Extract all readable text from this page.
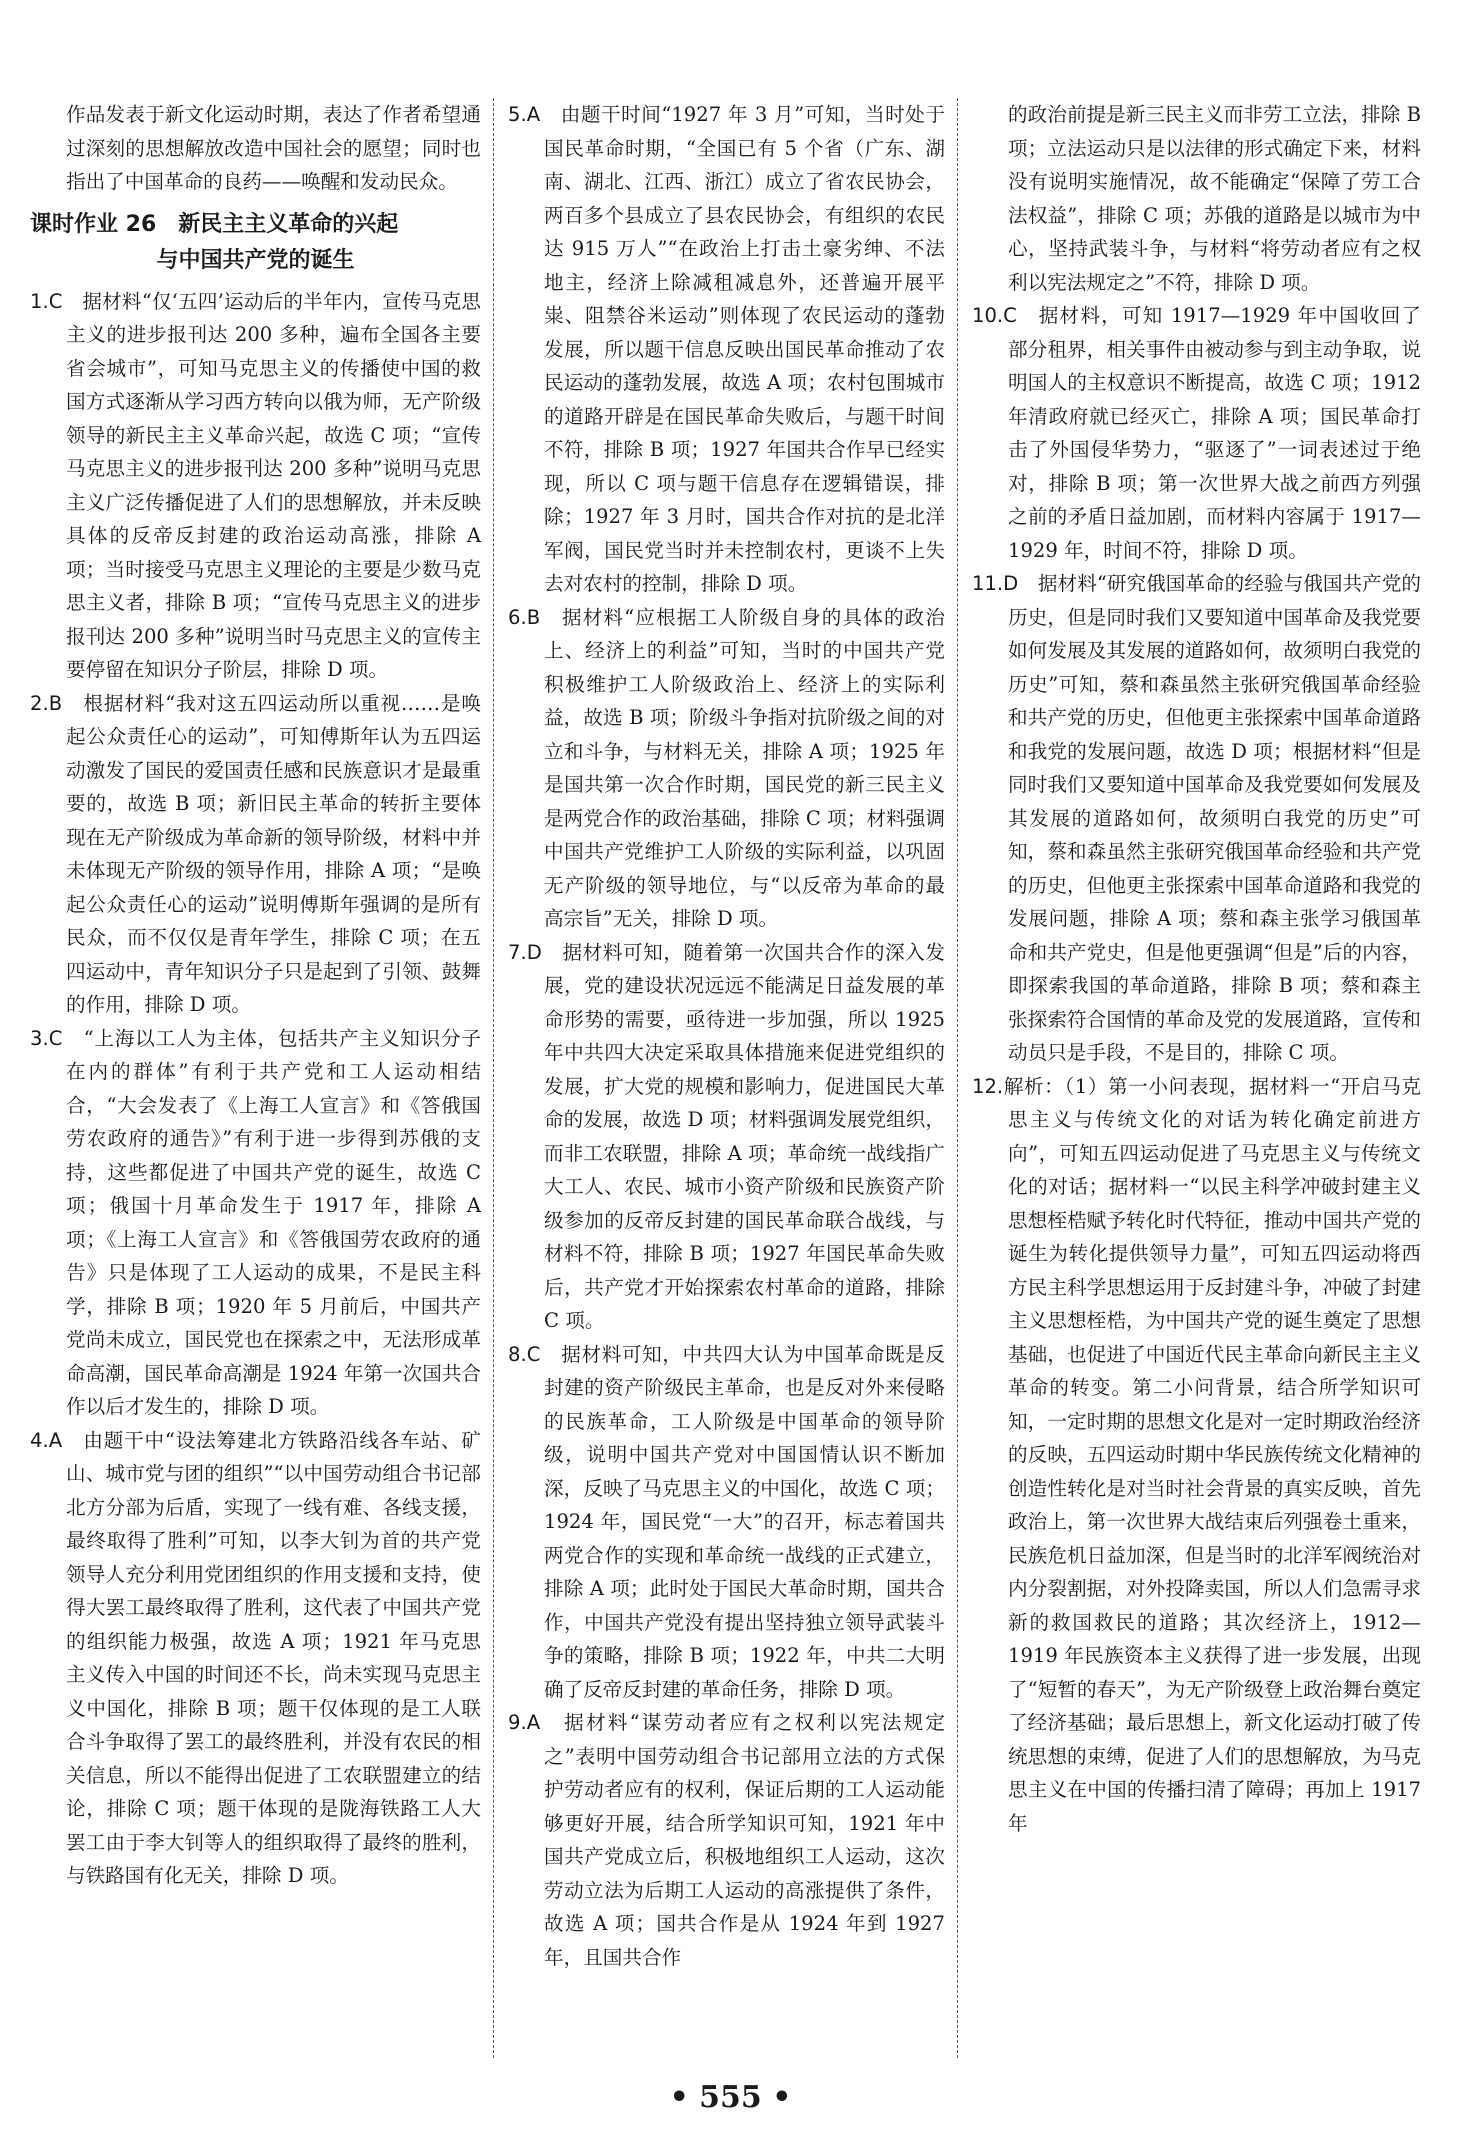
作品发表于新文化运动时期，表达了作者希望通过深刻的思想解放改造中国社会的愿望；同时也指出了中国革命的良药——唤醒和发动民众。

课时作业 26　新民主主义革命的兴起
与中国共产党的诞生

1.C　据材料“仅‘五四’运动后的半年内，宣传马克思主义的进步报刊达 200 多种，遍布全国各主要省会城市”，可知马克思主义的传播使中国的救国方式逐渐从学习西方转向以俄为师，无产阶级领导的新民主主义革命兴起，故选 C 项；“宣传马克思主义的进步报刊达 200 多种”说明马克思主义广泛传播促进了人们的思想解放，并未反映具体的反帝反封建的政治运动高涨，排除 A 项；当时接受马克思主义理论的主要是少数马克思主义者，排除 B 项；“宣传马克思主义的进步报刊达 200 多种”说明当时马克思主义的宣传主要停留在知识分子阶层，排除 D 项。

2.B　根据材料“我对这五四运动所以重视……是唤起公众责任心的运动”，可知傅斯年认为五四运动激发了国民的爱国责任感和民族意识才是最重要的，故选 B 项；新旧民主革命的转折主要体现在无产阶级成为革命新的领导阶级，材料中并未体现无产阶级的领导作用，排除 A 项；“是唤起公众责任心的运动”说明傅斯年强调的是所有民众，而不仅仅是青年学生，排除 C 项；在五四运动中，青年知识分子只是起到了引领、鼓舞的作用，排除 D 项。

3.C　“上海以工人为主体，包括共产主义知识分子在内的群体”有利于共产党和工人运动相结合，“大会发表了《上海工人宣言》和《答俄国劳农政府的通告》”有利于进一步得到苏俄的支持，这些都促进了中国共产党的诞生，故选 C 项；俄国十月革命发生于 1917 年，排除 A 项；《上海工人宣言》和《答俄国劳农政府的通告》只是体现了工人运动的成果，不是民主科学，排除 B 项；1920 年 5 月前后，中国共产党尚未成立，国民党也在探索之中，无法形成革命高潮，国民革命高潮是 1924 年第一次国共合作以后才发生的，排除 D 项。

4.A　由题干中“设法筹建北方铁路沿线各车站、矿山、城市党与团的组织”“以中国劳动组合书记部北方分部为后盾，实现了一线有难、各线支援，最终取得了胜利”可知，以李大钊为首的共产党领导人充分利用党团组织的作用支援和支持，使得大罢工最终取得了胜利，这代表了中国共产党的组织能力极强，故选 A 项；1921 年马克思主义传入中国的时间还不长，尚未实现马克思主义中国化，排除 B 项；题干仅体现的是工人联合斗争取得了罢工的最终胜利，并没有农民的相关信息，所以不能得出促进了工农联盟建立的结论，排除 C 项；题干体现的是陇海铁路工人大罢工由于李大钊等人的组织取得了最终的胜利，与铁路国有化无关，排除 D 项。

5.A　由题干时间“1927 年 3 月”可知，当时处于国民革命时期，“全国已有 5 个省（广东、湖南、湖北、江西、浙江）成立了省农民协会，两百多个县成立了县农民协会，有组织的农民达 915 万人”“在政治上打击土豪劣绅、不法地主，经济上除减租减息外，还普遍开展平粜、阻禁谷米运动”则体现了农民运动的蓬勃发展，所以题干信息反映出国民革命推动了农民运动的蓬勃发展，故选 A 项；农村包围城市的道路开辟是在国民革命失败后，与题干时间不符，排除 B 项；1927 年国共合作早已经实现，所以 C 项与题干信息存在逻辑错误，排除；1927 年 3 月时，国共合作对抗的是北洋军阀，国民党当时并未控制农村，更谈不上失去对农村的控制，排除 D 项。

6.B　据材料“应根据工人阶级自身的具体的政治上、经济上的利益”可知，当时的中国共产党积极维护工人阶级政治上、经济上的实际利益，故选 B 项；阶级斗争指对抗阶级之间的对立和斗争，与材料无关，排除 A 项；1925 年是国共第一次合作时期，国民党的新三民主义是两党合作的政治基础，排除 C 项；材料强调中国共产党维护工人阶级的实际利益，以巩固无产阶级的领导地位，与“以反帝为革命的最高宗旨”无关，排除 D 项。

7.D　据材料可知，随着第一次国共合作的深入发展，党的建设状况远远不能满足日益发展的革命形势的需要，亟待进一步加强，所以 1925 年中共四大决定采取具体措施来促进党组织的发展，扩大党的规模和影响力，促进国民大革命的发展，故选 D 项；材料强调发展党组织，而非工农联盟，排除 A 项；革命统一战线指广大工人、农民、城市小资产阶级和民族资产阶级参加的反帝反封建的国民革命联合战线，与材料不符，排除 B 项；1927 年国民革命失败后，共产党才开始探索农村革命的道路，排除 C 项。

8.C　据材料可知，中共四大认为中国革命既是反封建的资产阶级民主革命，也是反对外来侵略的民族革命，工人阶级是中国革命的领导阶级，说明中国共产党对中国国情认识不断加深，反映了马克思主义的中国化，故选 C 项；1924 年，国民党“一大”的召开，标志着国共两党合作的实现和革命统一战线的正式建立，排除 A 项；此时处于国民大革命时期，国共合作，中国共产党没有提出坚持独立领导武装斗争的策略，排除 B 项；1922 年，中共二大明确了反帝反封建的革命任务，排除 D 项。

9.A　据材料“谋劳动者应有之权利以宪法规定之”表明中国劳动组合书记部用立法的方式保护劳动者应有的权利，保证后期的工人运动能够更好开展，结合所学知识可知，1921 年中国共产党成立后，积极地组织工人运动，这次劳动立法为后期工人运动的高涨提供了条件，故选 A 项；国共合作是从 1924 年到 1927 年，且国共合作

的政治前提是新三民主义而非劳工立法，排除 B 项；立法运动只是以法律的形式确定下来，材料没有说明实施情况，故不能确定“保障了劳工合法权益”，排除 C 项；苏俄的道路是以城市为中心，坚持武装斗争，与材料“将劳动者应有之权利以宪法规定之”不符，排除 D 项。

10.C　据材料，可知 1917—1929 年中国收回了部分租界，相关事件由被动参与到主动争取，说明国人的主权意识不断提高，故选 C 项；1912 年清政府就已经灭亡，排除 A 项；国民革命打击了外国侵华势力，“驱逐了”一词表述过于绝对，排除 B 项；第一次世界大战之前西方列强之前的矛盾日益加剧，而材料内容属于 1917—1929 年，时间不符，排除 D 项。

11.D　据材料“研究俄国革命的经验与俄国共产党的历史，但是同时我们又要知道中国革命及我党要如何发展及其发展的道路如何，故须明白我党的历史”可知，蔡和森虽然主张研究俄国革命经验和共产党的历史，但他更主张探索中国革命道路和我党的发展问题，故选 D 项；根据材料“但是同时我们又要知道中国革命及我党要如何发展及其发展的道路如何，故须明白我党的历史”可知，蔡和森虽然主张研究俄国革命经验和共产党的历史，但他更主张探索中国革命道路和我党的发展问题，排除 A 项；蔡和森主张学习俄国革命和共产党史，但是他更强调“但是”后的内容，即探索我国的革命道路，排除 B 项；蔡和森主张探索符合国情的革命及党的发展道路，宣传和动员只是手段，不是目的，排除 C 项。

12.解析：（1）第一小问表现，据材料一“开启马克思主义与传统文化的对话为转化确定前进方向”，可知五四运动促进了马克思主义与传统文化的对话；据材料一“以民主科学冲破封建主义思想桎梏赋予转化时代特征，推动中国共产党的诞生为转化提供领导力量”，可知五四运动将西方民主科学思想运用于反封建斗争，冲破了封建主义思想桎梏，为中国共产党的诞生奠定了思想基础，也促进了中国近代民主革命向新民主主义革命的转变。第二小问背景，结合所学知识可知，一定时期的思想文化是对一定时期政治经济的反映，五四运动时期中华民族传统文化精神的创造性转化是对当时社会背景的真实反映，首先政治上，第一次世界大战结束后列强卷土重来，民族危机日益加深，但是当时的北洋军阀统治对内分裂割据，对外投降卖国，所以人们急需寻求新的救国救民的道路；其次经济上，1912—1919 年民族资本主义获得了进一步发展，出现了“短暂的春天”，为无产阶级登上政治舞台奠定了经济基础；最后思想上，新文化运动打破了传统思想的束缚，促进了人们的思想解放，为马克思主义在中国的传播扫清了障碍；再加上 1917 年

• 555 •
